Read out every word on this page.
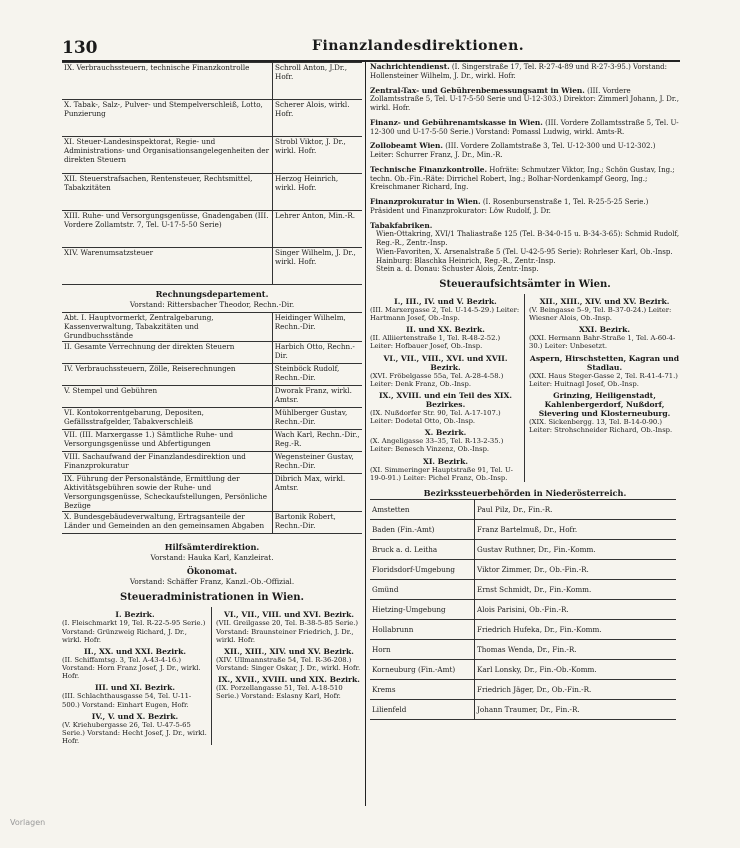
130	Finanzlandesdirektionen.
IX. Verbrauchssteuern, technische Finanzkontrolle	Schroll Anton, J.Dr., Hofr.
X. Tabak-, Salz-, Pulver- und Stempelverschleiß, Lotto, Punzierung	Scherer Alois, wirkl. Hofr.
XI. Steuer-Landesinspektorat, Regie- und Administrations- und Organisationsangelegenheiten der direkten Steuern	Strobl Viktor, J. Dr., wirkl. Hofr.
XII. Steuerstrafsachen, Rentensteuer, Rechtsmittel, Tabakzitäten	Herzog Heinrich, wirkl. Hofr.
XIII. Ruhe- und Versorgungsgenüsse, Gnadengaben (III. Vordere Zollamtstr. 7, Tel. U-17-5-50 Serie)	Lehrer Anton, Min.-R.
XIV. Warenumsatzsteuer	Singer Wilhelm, J. Dr., wirkl. Hofr.
Rechnungsdepartement.
Vorstand: Rittersbacher Theodor, Rechn.-Dir.
Abt. I. Hauptvormerkt, Zentralgebarung, Kassenverwaltung, Tabakzitäten und Grundbuchsstände	Heidinger Wilhelm, Rechn.-Dir.
II. Gesamte Verrechnung der direkten Steuern	Harbich Otto, Rechn.-Dir.
IV. Verbrauchssteuern, Zölle, Reiserechnungen	Steinböck Rudolf, Rechn.-Dir.
V. Stempel und Gebühren	Dworak Franz, wirkl. Amtsr.
VI. Kontokorrentgebarung, Depositen, Gefällsstrafgelder, Tabakverschleiß	Mühlberger Gustav, Rechn.-Dir.
VII. (III. Marxergasse 1.) Sämtliche Ruhe- und Versorgungsgenüsse und Abfertigungen	Wach Karl, Rechn.-Dir., Reg.-R.
VIII. Sachaufwand der Finanzlandesdirektion und Finanzprokuratur	Wegensteiner Gustav, Rechn.-Dir.
IX. Führung der Personalstände, Ermittlung der Aktivitätsgebühren sowie der Ruhe- und Versorgungsgenüsse, Scheckaufstellungen, Persönliche Bezüge	Dibrich Max, wirkl. Amtsr.
X. Bundesgebäudeverwaltung, Ertragsanteile der Länder und Gemeinden an den gemeinsamen Abgaben	Bartonik Robert, Rechn.-Dir.
Hilfsämterdirektion.
Vorstand: Hauka Karl, Kanzleirat.
Ökonomat.
Vorstand: Schäffer Franz, Kanzl.-Ob.-Offizial.
Steueradministrationen in Wien.
I. Bezirk.
(I. Fleischmarkt 19, Tel. R-22-5-95 Serie.) Vorstand: Grünzweig Richard, J. Dr., wirkl. Hofr.
II., XX. und XXI. Bezirk.
(II. Schiffamtsg. 3, Tel. A-43-4-16.) Vorstand: Horn Franz Josef, J. Dr., wirkl. Hofr.
III. und XI. Bezirk.
(III. Schlachthausgasse 54, Tel. U-11-500.) Vorstand: Einhart Eugen, Hofr.
IV., V. und X. Bezirk.
(V. Kriehubergasse 26, Tel. U-47-5-65 Serie.) Vorstand: Hecht Josef, J. Dr., wirkl. Hofr.
VI., VII., VIII. und XVI. Bezirk.
(VII. Greilgasse 20, Tel. B-38-5-85 Serie.) Vorstand: Braunsteiner Friedrich, J. Dr., wirkl. Hofr.
XII., XIII., XIV. und XV. Bezirk.
(XIV. Ullmannstraße 54, Tel. R-36-208.) Vorstand: Singer Oskar, J. Dr., wirkl. Hofr.
IX., XVII., XVIII. und XIX. Bezirk.
(IX. Porzellangasse 51, Tel. A-18-510 Serie.) Vorstand: Eslasny Karl, Hofr.
Nachrichtendienst. (I. Singerstraße 17, Tel. R-27-4-89 und R-27-3-95.) Vorstand: Hollensteiner Wilhelm, J. Dr., wirkl. Hofr.
Zentral-Tax- und Gebührenbemessungsamt in Wien. (III. Vordere Zollamtsstraße 5, Tel. U-17-5-50 Serie und U-12-303.) Direktor: Zimmerl Johann, J. Dr., wirkl. Hofr.
Finanz- und Gebührenamtskasse in Wien. (III. Vordere Zollamtsstraße 5, Tel. U-12-300 und U-17-5-50 Serie.) Vorstand: Pomassl Ludwig, wirkl. Amts-R.
Zollobeamt Wien. (III. Vordere Zollamtstraße 3, Tel. U-12-300 und U-12-302.) Leiter: Schurrer Franz, J. Dr., Min.-R.
Technische Finanzkontrolle. Hofräte: Schmutzer Viktor, Ing.; Schön Gustav, Ing.; techn. Ob.-Fin.-Räte: Dirrichel Robert, Ing.; Bolhar-Nordenkampf Georg, Ing.; Kreischmaner Richard, Ing.
Finanzprokuratur in Wien. (I. Rosenbursenstraße 1, Tel. R-25-5-25 Serie.) Präsident und Finanzprokurator: Löw Rudolf, J. Dr.
Tabakfabriken.
Wien-Ottakring, XVI/1 Thaliastraße 125 (Tel. B-34-0-15 u. B-34-3-65): Schmid Rudolf, Reg.-R., Zentr.-Insp.
Wien-Favoriten, X. Arsenalstraße 5 (Tel. U-42-5-95 Serie): Rohrleser Karl, Ob.-Insp.
Hainburg: Blaschka Heinrich, Reg.-R., Zentr.-Insp.
Stein a. d. Donau: Schuster Alois, Zentr.-Insp.
Steueraufsichtsämter in Wien.
I., III., IV. und V. Bezirk.
(III. Marxergasse 2, Tel. U-14-5-29.) Leiter: Hartmann Josef, Ob.-Insp.
II. und XX. Bezirk.
(II. Alliiertenstraße 1, Tel. R-48-2-52.) Leiter: Hofbauer Josef, Ob.-Insp.
VI., VII., VIII., XVI. und XVII. Bezirk.
(XVI. Fröbelgasse 55a, Tel. A-28-4-58.) Leiter: Denk Franz, Ob.-Insp.
IX., XVIII. und ein Teil des XIX. Bezirkes.
(IX. Nußdorfer Str. 90, Tel. A-17-107.) Leiter: Dodetal Otto, Ob.-Insp.
X. Bezirk.
(X. Angeligasse 33–35, Tel. R-13-2-35.) Leiter: Benesch Vinzenz, Ob.-Insp.
XI. Bezirk.
(XI. Simmeringer Hauptstraße 91, Tel. U-19-0-91.) Leiter: Pichel Franz, Ob.-Insp.
XII., XIII., XIV. und XV. Bezirk.
(V. Beingasse 5–9, Tel. B-37-0-24.) Leiter: Wiesner Alois, Ob.-Insp.
XXI. Bezirk.
(XXI. Hermann Bahr-Straße 1, Tel. A-60-4-30.) Leiter: Unbesetzt.
Aspern, Hirschstetten, Kagran und Stadlau.
(XXI. Haus Steger-Gasse 2, Tel. R-41-4-71.) Leiter: Huitnagl Josef, Ob.-Insp.
Grinzing, Heiligenstadt, Kahlenbergerdorf, Nußdorf, Sievering und Klosterneuburg.
(XIX. Sickenbergg. 13, Tel. B-14-0-90.) Leiter: Strohschneider Richard, Ob.-Insp.
Bezirkssteuerbehörden in Niederösterreich.
Amstetten	Paul Pilz, Dr., Fin.-R.
Baden (Fin.-Amt)	Franz Bartelmuß, Dr., Hofr.
Bruck a. d. Leitha	Gustav Ruthner, Dr., Fin.-Komm.
Floridsdorf-Umgebung	Viktor Zimmer, Dr., Ob.-Fin.-R.
Gmünd	Ernst Schmidt, Dr., Fin.-Komm.
Hietzing-Umgebung	Alois Parisini, Ob.-Fin.-R.
Hollabrunn	Friedrich Hufeka, Dr., Fin.-Komm.
Horn	Thomas Wenda, Dr., Fin.-R.
Korneuburg (Fin.-Amt)	Karl Lonsky, Dr., Fin.-Ob.-Komm.
Krems	Friedrich Jäger, Dr., Ob.-Fin.-R.
Lilienfeld	Johann Traumer, Dr., Fin.-R.
Vorlagen
